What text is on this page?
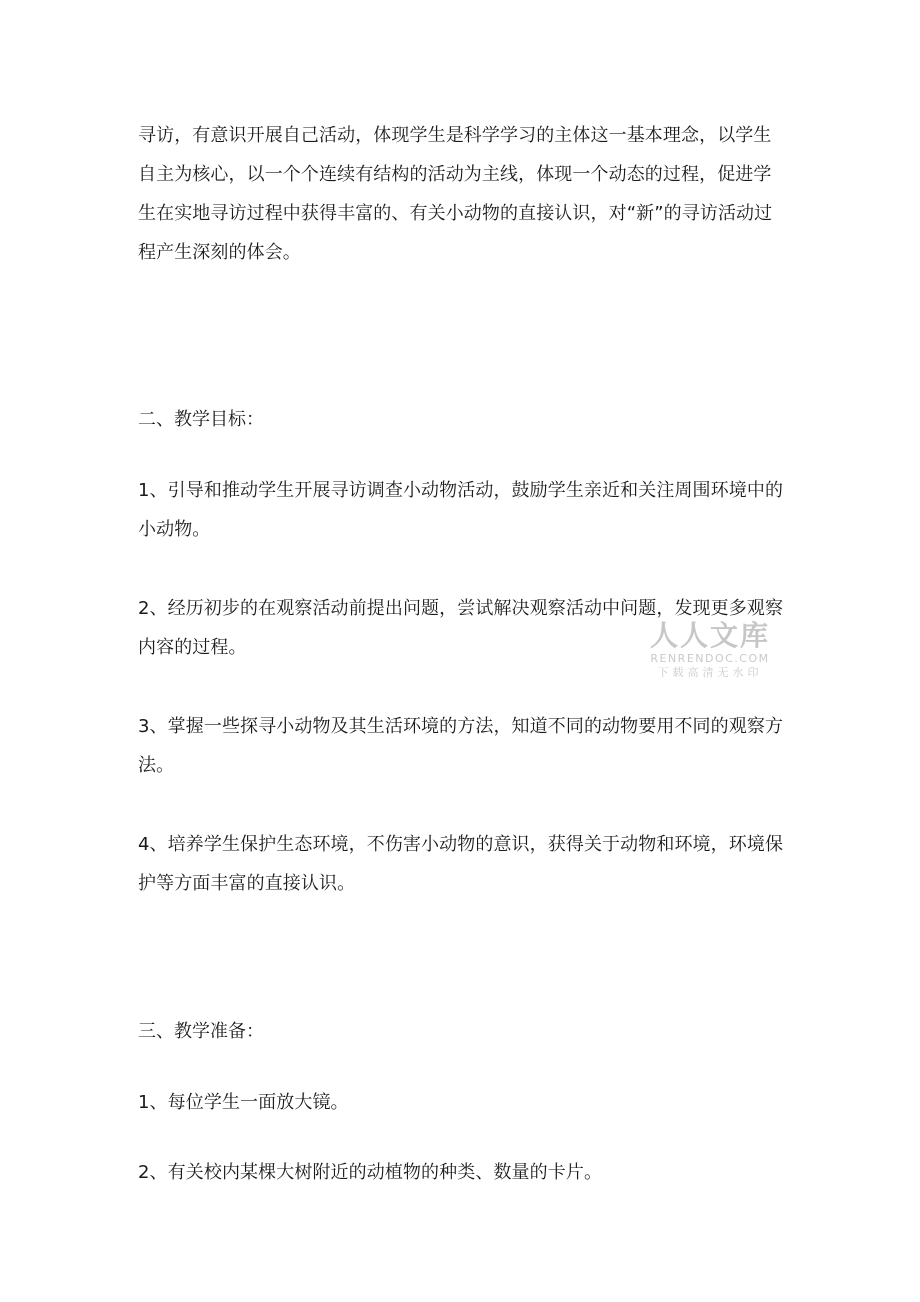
寻访，有意识开展自己活动，体现学生是科学学习的主体这一基本理念，以学生自主为核心，以一个个连续有结构的活动为主线，体现一个动态的过程，促进学生在实地寻访过程中获得丰富的、有关小动物的直接认识，对“新”的寻访活动过程产生深刻的体会。

二、教学目标：

1、引导和推动学生开展寻访调查小动物活动，鼓励学生亲近和关注周围环境中的小动物。

2、经历初步的在观察活动前提出问题，尝试解决观察活动中问题，发现更多观察内容的过程。

3、掌握一些探寻小动物及其生活环境的方法，知道不同的动物要用不同的观察方法。

4、培养学生保护生态环境，不伤害小动物的意识，获得关于动物和环境，环境保护等方面丰富的直接认识。

三、教学准备：

1、每位学生一面放大镜。

2、有关校内某棵大树附近的动植物的种类、数量的卡片。

人人文库
RENRENDOC.COM
下载高清无水印
